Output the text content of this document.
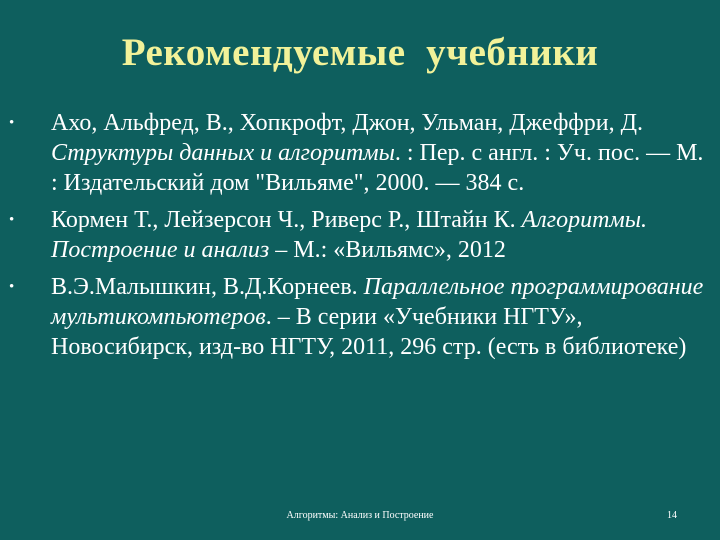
Рекомендуемые  учебники
• Ахо, Альфред, В., Хопкрофт, Джон, Ульман, Джеффри, Д. Структуры данных и алгоритмы. : Пер. с англ. : Уч. пос. — М. : Издательский дом "Вильяме", 2000. — 384 с.
• Кормен Т., Лейзерсон Ч., Риверс Р., Штайн К. Алгоритмы. Построение и анализ – М.: «Вильямс», 2012
• В.Э.Малышкин, В.Д.Корнеев. Параллельное программирование мультикомпьютеров. – В серии «Учебники НГТУ», Новосибирск, изд-во НГТУ, 2011, 296 стр. (есть в библиотеке)
Алгоритмы: Анализ и Построение	14
